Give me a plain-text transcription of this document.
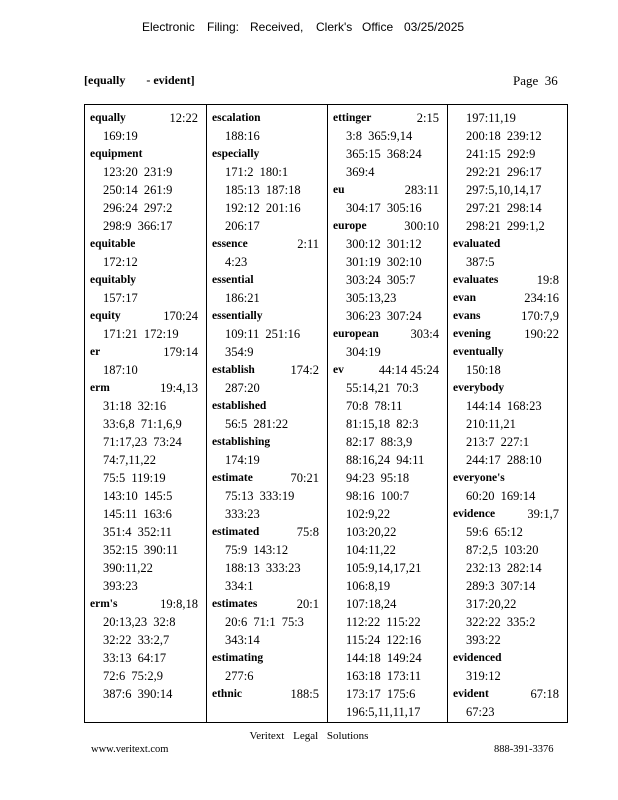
Electronic Filing: Received, Clerk's Office 03/25/2025
[equally       - evident]	Page 36
equally	12:22
169:19
equipment
123:20 231:9
250:14 261:9
296:24 297:2
298:9 366:17
equitable
172:12
equitably
157:17
equity	170:24
171:21 172:19
er	179:14
187:10
erm	19:4,13
31:18 32:16
33:6,8 71:1,6,9
71:17,23 73:24
74:7,11,22
75:5 119:19
143:10 145:5
145:11 163:6
351:4 352:11
352:15 390:11
390:11,22
393:23
erm's	19:8,18
20:13,23 32:8
32:22 33:2,7
33:13 64:17
72:6 75:2,9
387:6 390:14
escalation
188:16
especially
171:2 180:1
185:13 187:18
192:12 201:16
206:17
essence	2:11
4:23
essential
186:21
essentially
109:11 251:16
354:9
establish	174:2
287:20
established
56:5 281:22
establishing
174:19
estimate	70:21
75:13 333:19
333:23
estimated	75:8
75:9 143:12
188:13 333:23
334:1
estimates	20:1
20:6 71:1 75:3
343:14
estimating
277:6
ethnic	188:5
ettinger	2:15
3:8 365:9,14
365:15 368:24
369:4
eu	283:11
304:17 305:16
europe	300:10
300:12 301:12
301:19 302:10
303:24 305:7
305:13,23
306:23 307:24
european	303:4
304:19
ev	44:14 45:24
55:14,21 70:3
70:8 78:11
81:15,18 82:3
82:17 88:3,9
88:16,24 94:11
94:23 95:18
98:16 100:7
102:9,22
103:20,22
104:11,22
105:9,14,17,21
106:8,19
107:18,24
112:22 115:22
115:24 122:16
144:18 149:24
163:18 173:11
173:17 175:6
196:5,11,11,17
197:11,19
200:18 239:12
241:15 292:9
292:21 296:17
297:5,10,14,17
297:21 298:14
298:21 299:1,2
evaluated
387:5
evaluates	19:8
evan	234:16
evans	170:7,9
evening	190:22
eventually
150:18
everybody
144:14 168:23
210:11,21
213:7 227:1
244:17 288:10
everyone's
60:20 169:14
evidence	39:1,7
59:6 65:12
87:2,5 103:20
232:13 282:14
289:3 307:14
317:20,22
322:22 335:2
393:22
evidenced
319:12
evident	67:18
67:23
Veritext Legal Solutions
www.veritext.com	888-391-3376
